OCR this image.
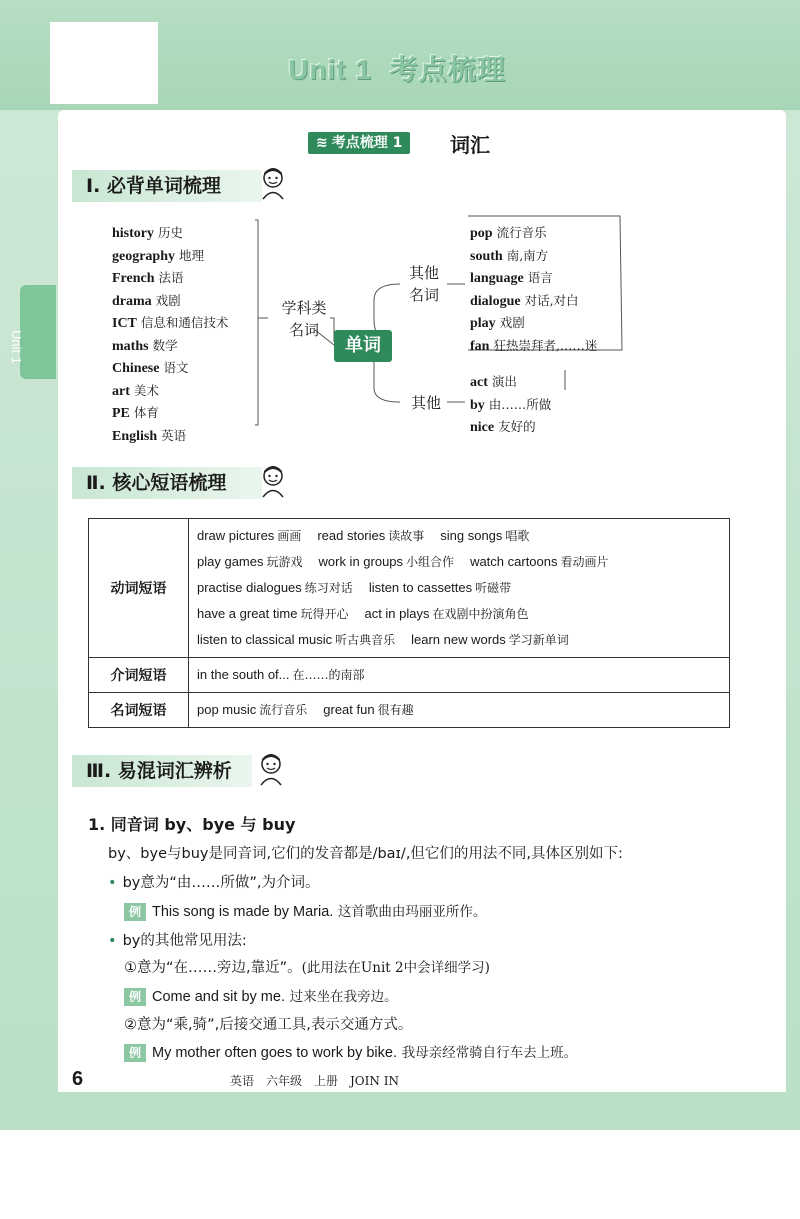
Unit 1 考点梳理
Unit 1
≋ 考点梳理 1	词汇
Ⅰ. 必背单词梳理
history 历史
geography 地理
French 法语
drama 戏剧
ICT 信息和通信技术
maths 数学
Chinese 语文
art 美术
PE 体育
English 英语
学科类
名词
单词
其他
名词
其他
pop 流行音乐
south 南,南方
language 语言
dialogue 对话,对白
play 戏剧
fan 狂热崇拜者,……迷
act 演出
by 由……所做
nice 友好的
Ⅱ. 核心短语梳理
动词短语	draw pictures 画画 read stories 读故事 sing songs 唱歌
play games 玩游戏 work in groups 小组合作 watch cartoons 看动画片
practise dialogues 练习对话 listen to cassettes 听磁带
have a great time 玩得开心 act in plays 在戏剧中扮演角色
listen to classical music 听古典音乐 learn new words 学习新单词

介词短语	in the south of... 在……的南部

名词短语	pop music 流行音乐 great fun 很有趣
Ⅲ. 易混词汇辨析
1. 同音词 by、bye 与 buy
by、bye与buy是同音词,它们的发音都是/baɪ/,但它们的用法不同,具体区别如下:
• by意为“由……所做”,为介词。
例 This song is made by Maria. 这首歌曲由玛丽亚所作。
• by的其他常见用法:
①意为“在……旁边,靠近”。(此用法在Unit 2中会详细学习)
例 Come and sit by me. 过来坐在我旁边。
②意为“乘,骑”,后接交通工具,表示交通方式。
例 My mother often goes to work by bike. 我母亲经常骑自行车去上班。
6	英语　六年级　上册　JOIN IN
